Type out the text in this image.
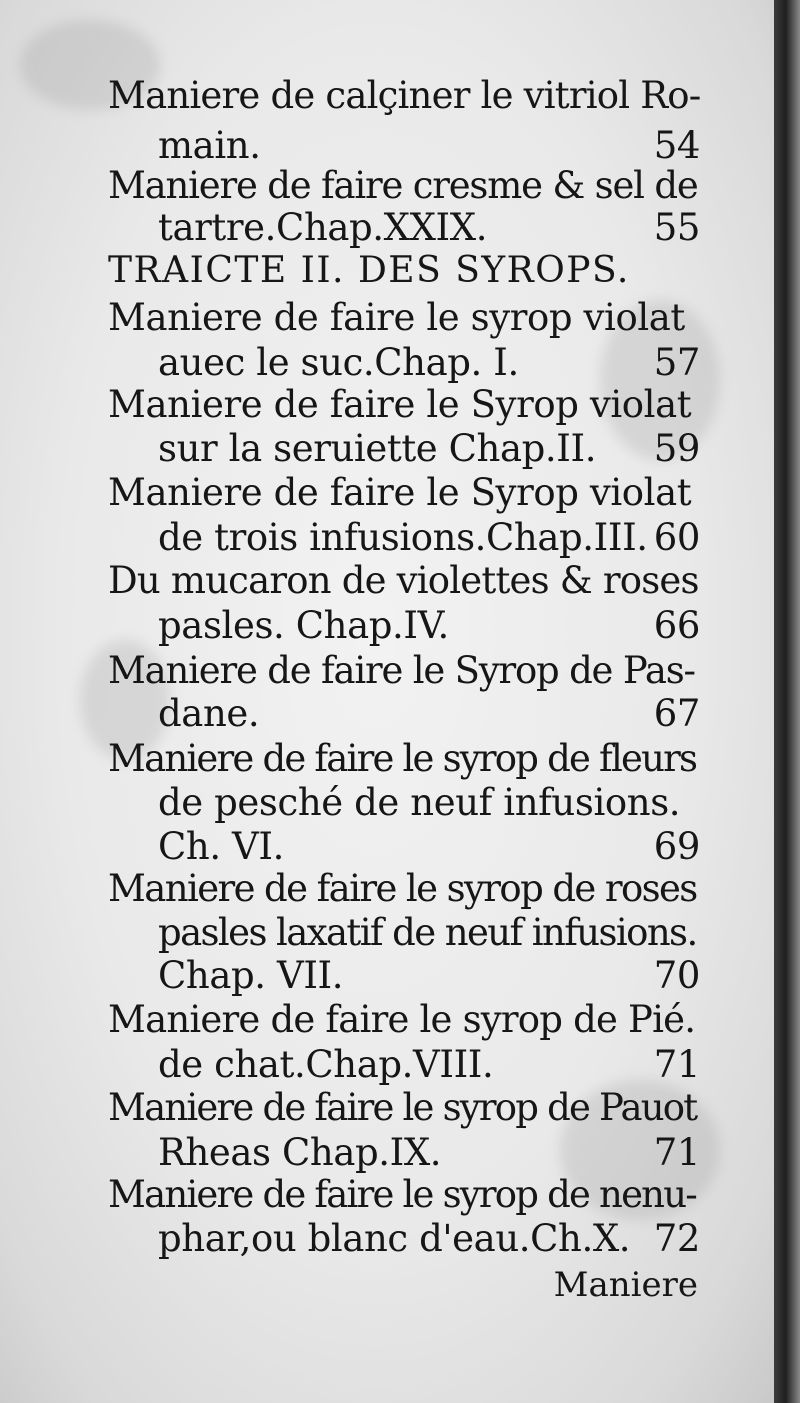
Maniere de calçiner le vitriol Ro-
main.	54
Maniere de faire cresme & sel de
tartre.Chap.XXIX.	55
TRAICTE II. DES SYROPS.
Maniere de faire le syrop violat
auec le suc.Chap. I.	57
Maniere de faire le Syrop violat
sur la seruiette Chap.II. 59
Maniere de faire le Syrop violat
de trois infusions.Chap.III. 60
Du mucaron de violettes & roses
pasles. Chap.IV.	66
Maniere de faire le Syrop de Pas-
dane.	67
Maniere de faire le syrop de fleurs
de pesché de neuf infusions.
Ch. VI.	69
Maniere de faire le syrop de roses
pasles laxatif de neuf infusions.
Chap. VII.	70
Maniere de faire le syrop de Pié.
de chat.Chap.VIII.	71
Maniere de faire le syrop de Pauot
Rheas Chap.IX.	71
Maniere de faire le syrop de nenu-
phar,ou blanc d'eau.Ch.X. 72
Maniere
